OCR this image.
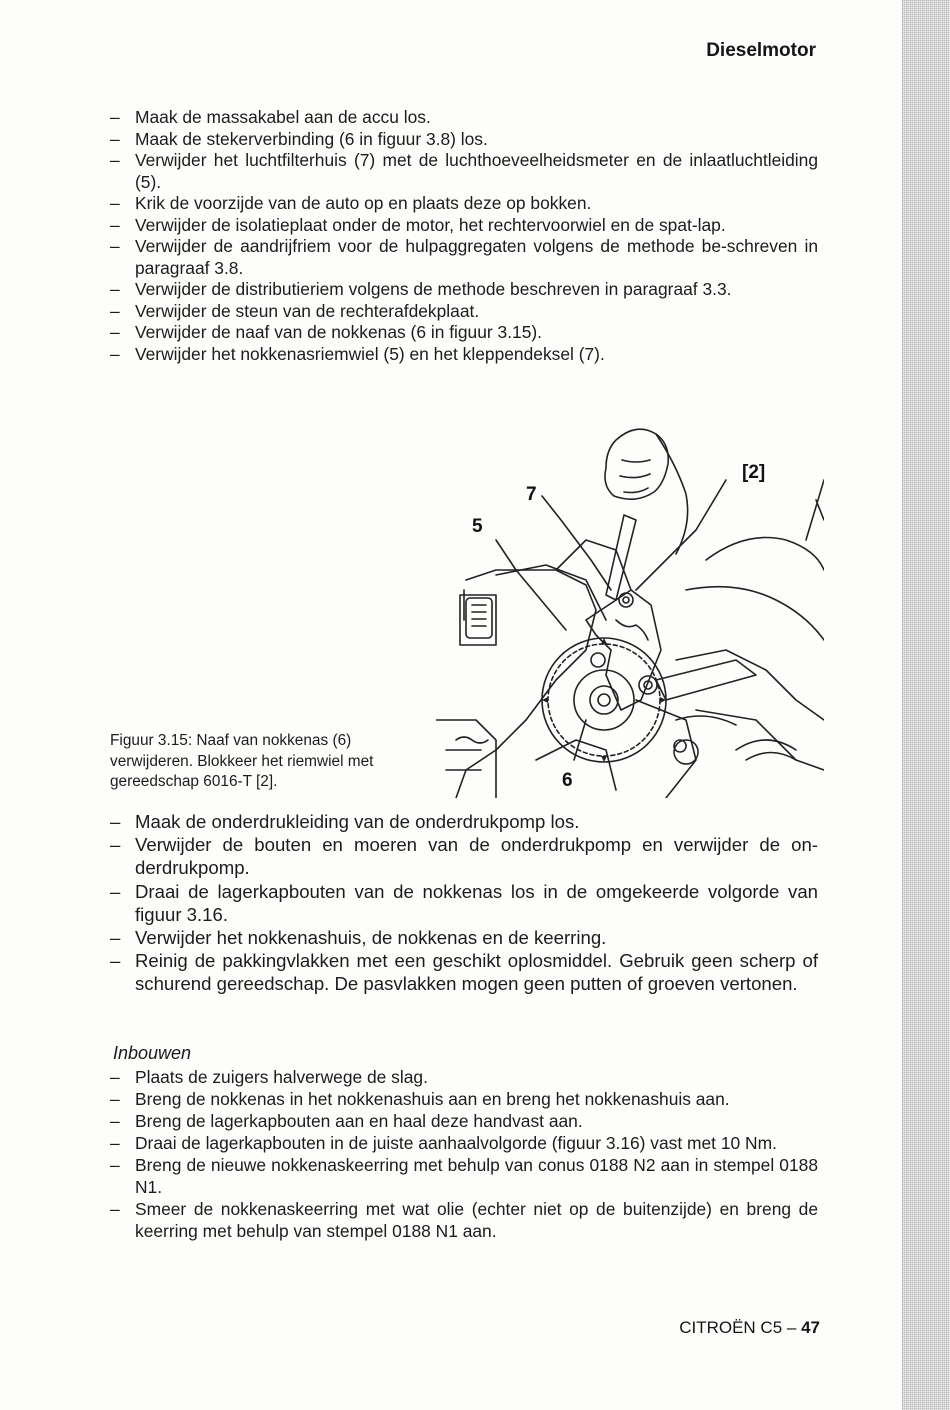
Dieselmotor
– Maak de massakabel aan de accu los.
– Maak de stekerverbinding (6 in figuur 3.8) los.
– Verwijder het luchtfilterhuis (7) met de luchthoeveelheidsmeter en de inlaatluchtleiding (5).
– Krik de voorzijde van de auto op en plaats deze op bokken.
– Verwijder de isolatieplaat onder de motor, het rechtervoorwiel en de spat-lap.
– Verwijder de aandrijfriem voor de hulpaggregaten volgens de methode be-schreven in paragraaf 3.8.
– Verwijder de distributieriem volgens de methode beschreven in paragraaf 3.3.
– Verwijder de steun van de rechterafdekplaat.
– Verwijder de naaf van de nokkenas (6 in figuur 3.15).
– Verwijder het nokkenasriemwiel (5) en het kleppendeksel (7).
Figuur 3.15: Naaf van nokkenas (6) verwijderen. Blokkeer het riemwiel met gereedschap 6016-T [2].
5
7
[2]
6
– Maak de onderdrukleiding van de onderdrukpomp los.
– Verwijder de bouten en moeren van de onderdrukpomp en verwijder de on-derdrukpomp.
– Draai de lagerkapbouten van de nokkenas los in de omgekeerde volgorde van figuur 3.16.
– Verwijder het nokkenashuis, de nokkenas en de keerring.
– Reinig de pakkingvlakken met een geschikt oplosmiddel. Gebruik geen scherp of schurend gereedschap. De pasvlakken mogen geen putten of groeven vertonen.
Inbouwen
– Plaats de zuigers halverwege de slag.
– Breng de nokkenas in het nokkenashuis aan en breng het nokkenashuis aan.
– Breng de lagerkapbouten aan en haal deze handvast aan.
– Draai de lagerkapbouten in de juiste aanhaalvolgorde (figuur 3.16) vast met 10 Nm.
– Breng de nieuwe nokkenaskeerring met behulp van conus 0188 N2 aan in stempel 0188 N1.
– Smeer de nokkenaskeerring met wat olie (echter niet op de buitenzijde) en breng de keerring met behulp van stempel 0188 N1 aan.
CITROËN C5 – 47
